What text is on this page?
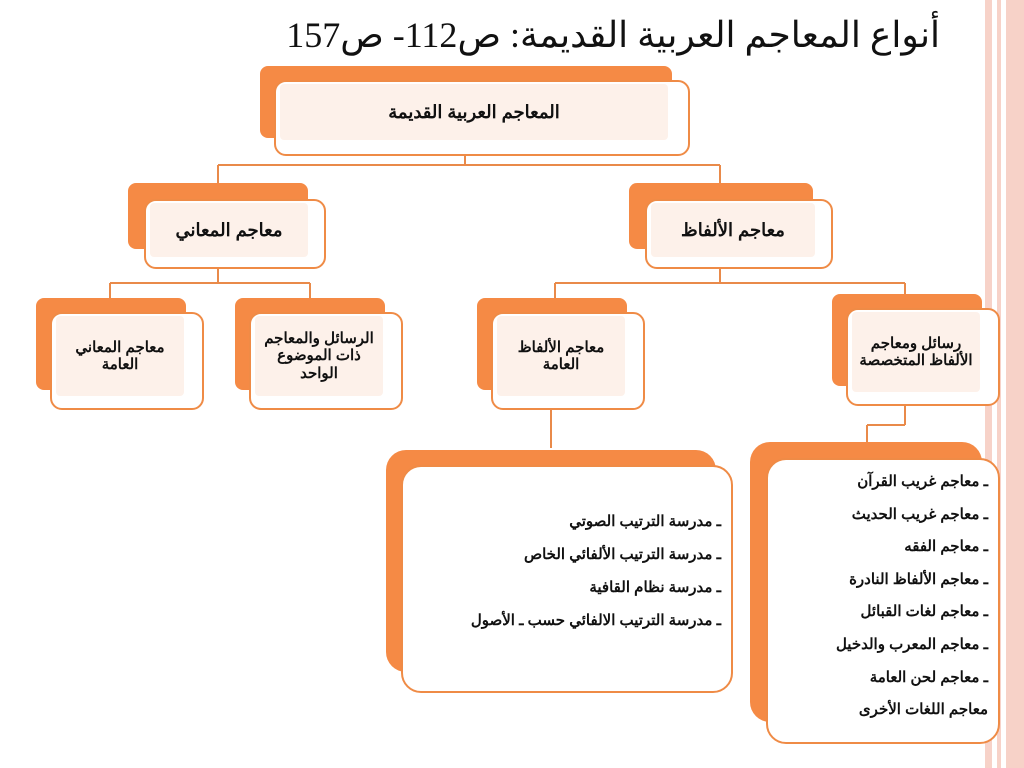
أنواع المعاجم العربية القديمة: ص112- ص157
المعاجم العربية القديمة
معاجم المعاني	معاجم الألفاظ
معاجم المعاني العامة
الرسائل والمعاجم ذات الموضوع الواحد
معاجم الألفاظ العامة
رسائل ومعاجم الألفاظ المتخصصة
ـ مدرسة الترتيب الصوتي
ـ مدرسة الترتيب الألفائي الخاص
ـ مدرسة نظام القافية
ـ مدرسة الترتيب الالفائي حسب ـ الأصول
ـ معاجم غريب القرآن
ـ معاجم غريب الحديث
ـ معاجم الفقه
ـ معاجم الألفاظ النادرة
ـ معاجم لغات القبائل
ـ معاجم المعرب والدخيل
ـ معاجم لحن العامة
معاجم اللغات الأخرى
